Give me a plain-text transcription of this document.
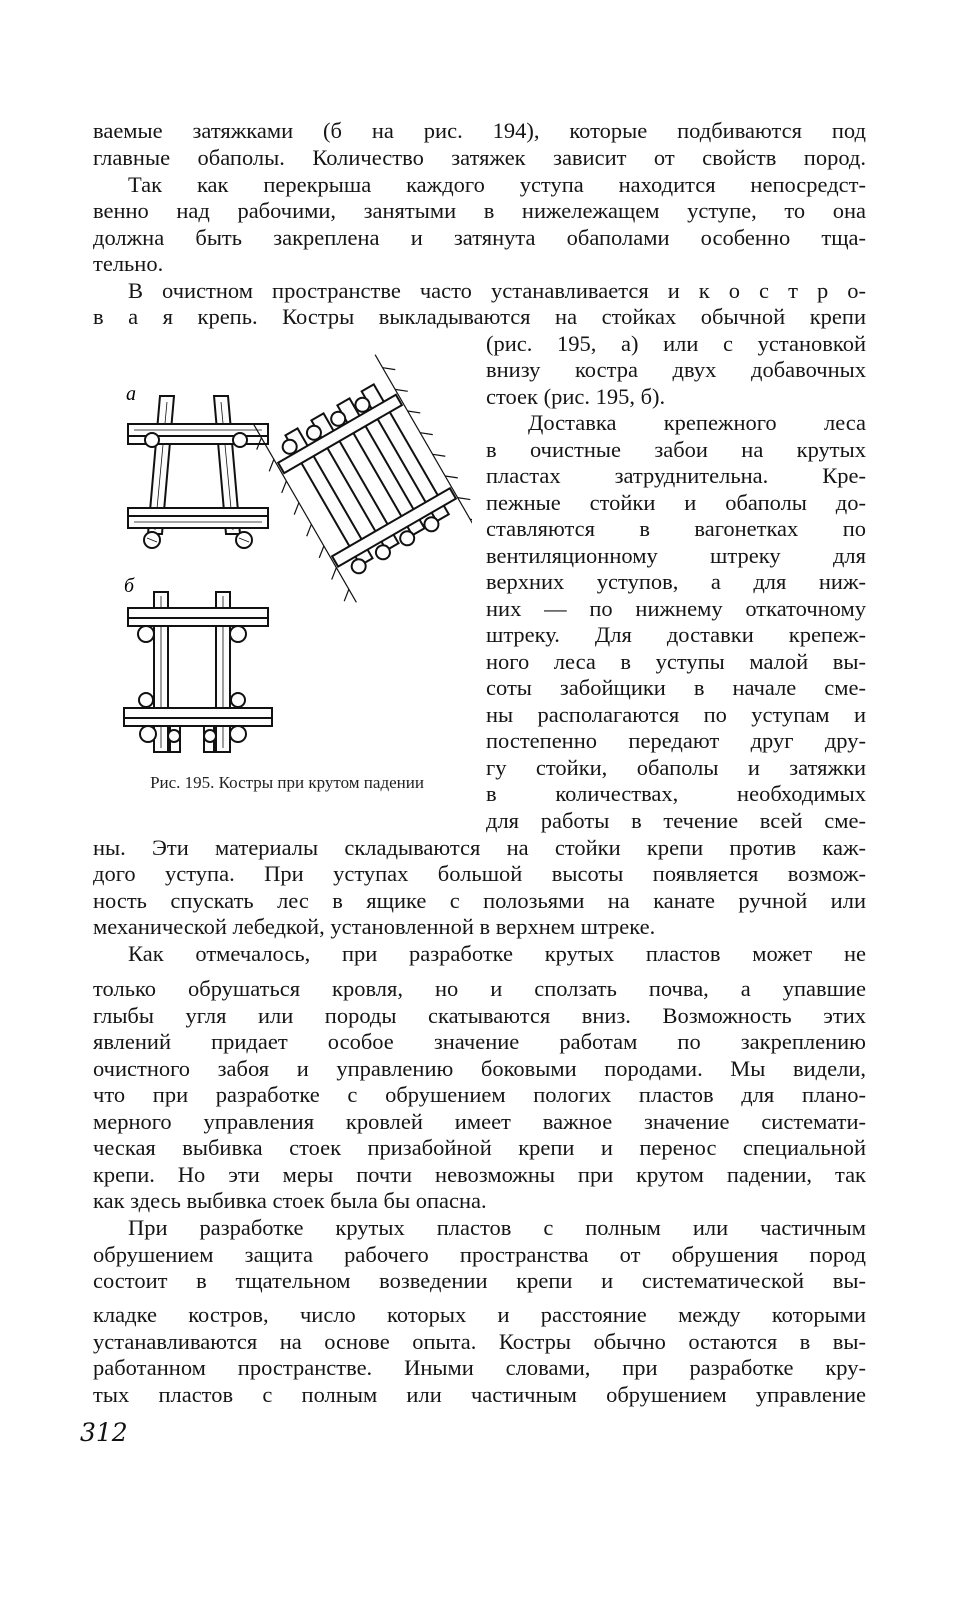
ваемые затяжками (б на рис. 194), которые подбиваются под
главные обаполы. Количество затяжек зависит от свойств пород.
Так как перекрыша каждого уступа находится непосредст-
венно над рабочими, занятыми в нижележащем уступе, то она
должна быть закреплена и затянута обаполами особенно тща-
тельно.
В очистном пространстве часто устанавливается и к о с т р о-
в а я крепь. Костры выкладываются на стойках обычной крепи
(рис. 195, а) или с установкой
внизу костра двух добавочных
стоек (рис. 195, б).
Доставка крепежного леса
в очистные забои на крутых
пластах затруднительна. Кре-
пежные стойки и обаполы до-
ставляются в вагонетках по
вентиляционному штреку для
верхних уступов, а для ниж-
них — по нижнему откаточному
штреку. Для доставки крепеж-
ного леса в уступы малой вы-
соты забойщики в начале сме-
ны располагаются по уступам и
постепенно передают друг дру-
гу стойки, обаполы и затяжки
в количествах, необходимых
для работы в течение всей сме-
ны. Эти материалы складываются на стойки крепи против каж-
дого уступа. При уступах большой высоты появляется возмож-
ность спускать лес в ящике с полозьями на канате ручной или
механической лебедкой, установленной в верхнем штреке.
Как отмечалось, при разработке крутых пластов может не
только обрушаться кровля, но и сползать почва, а упавшие
глыбы угля или породы скатываются вниз. Возможность этих
явлений придает особое значение работам по закреплению
очистного забоя и управлению боковыми породами. Мы видели,
что при разработке с обрушением пологих пластов для плано-
мерного управления кровлей имеет важное значение системати-
ческая выбивка стоек призабойной крепи и перенос специальной
крепи. Но эти меры почти невозможны при крутом падении, так
как здесь выбивка стоек была бы опасна.
При разработке крутых пластов с полным или частичным
обрушением защита рабочего пространства от обрушения пород
состоит в тщательном возведении крепи и систематической вы-
кладке костров, число которых и расстояние между которыми
устанавливаются на основе опыта. Костры обычно остаются в вы-
работанном пространстве. Иными словами, при разработке кру-
тых пластов с полным или частичным обрушением управление
а
б
Рис. 195. Костры при крутом падении
312
